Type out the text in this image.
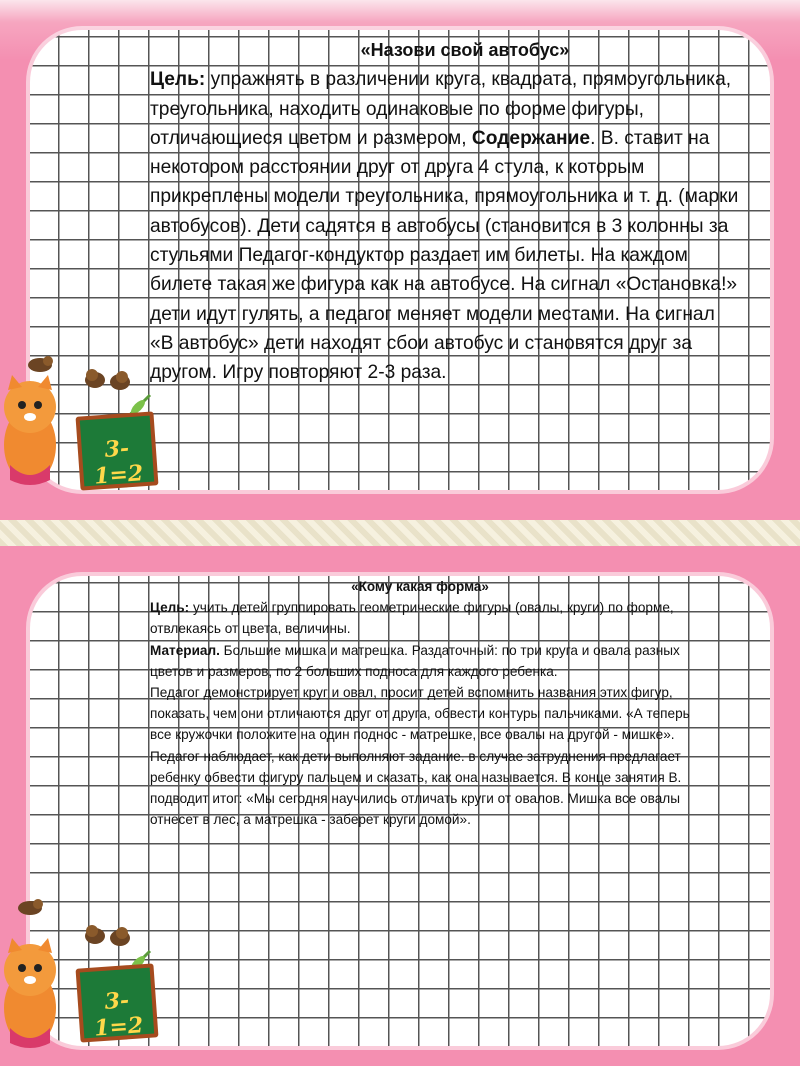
«Назови свой автобус»
Цель: упражнять в различении круга, квадрата, прямоугольника, треугольника, находить одинаковые по форме фигуры, отличающиеся цветом и размером, Содержание. В. ставит на некотором расстоянии друг от друга 4 стула, к которым прикреплены модели треугольника, прямоугольника и т. д. (марки автобусов). Дети садятся в автобусы (становится в 3 колонны за стульями Педагог-кондуктор раздает им билеты. На каждом билете такая же фигура как на автобусе. На сигнал «Остановка!» дети идут гулять, а педагог меняет модели местами. На сигнал «В автобус» дети находят сбои автобус и становятся друг за другом. Игру повторяют 2-3 раза.
3-1=2
«Кому какая форма»
Цель: учить детей группировать геометрические фигуры (овалы, круги) по форме, отвлекаясь от цвета, величины.
Материал. Большие мишка и матрешка. Раздаточный: по три круга и овала разных цветов и размеров, по 2 больших подноса для каждого ребенка.
Педагог демонстрирует круг и овал, просит детей вспомнить названия этих фигур, показать, чем они отличаются друг от друга, обвести контуры пальчиками. «А теперь все кружочки положите на один поднос - матрешке, все овалы на другой - мишке». Педагог наблюдает, как дети выполняют задание. в случае затруднения предлагает ребенку обвести фигуру пальцем и сказать, как она называется. В конце занятия В. подводит итог: «Мы сегодня научились отличать круги от овалов. Мишка все овалы отнесет в лес, а матрешка - заберет круги домой».
3-1=2
